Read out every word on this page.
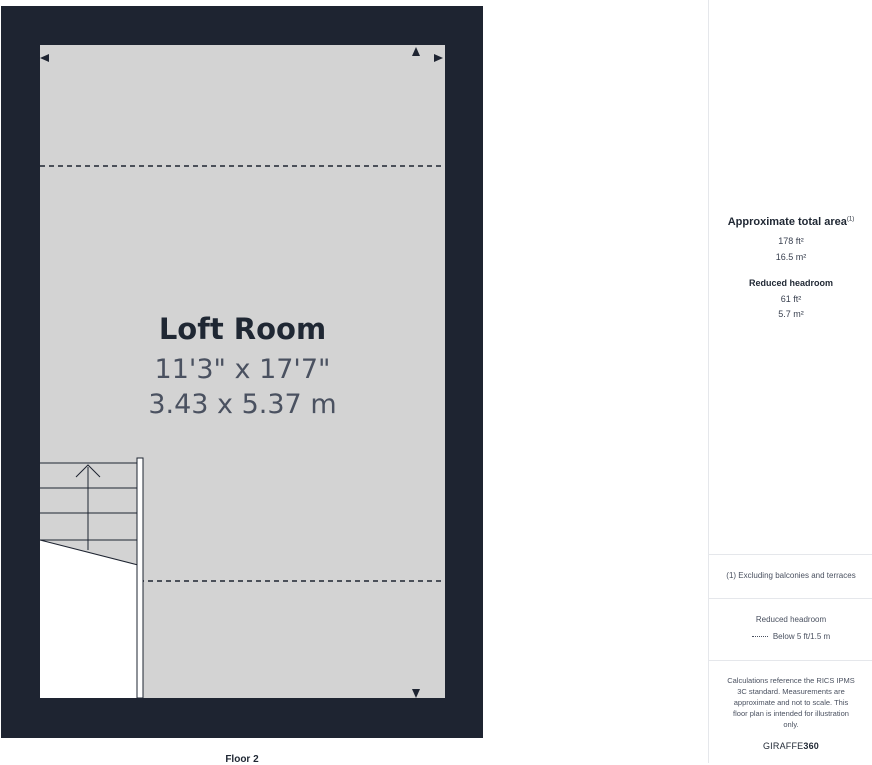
Loft Room
11'3" x 17'7"
3.43 x 5.37 m
Floor 2
Approximate total area$^{(1)}$
178 ft²
16.5 m²
Reduced headroom
61 ft²
5.7 m²
(1) Excluding balconies and terraces
Reduced headroom
Below 5 ft/1.5 m
Calculations reference the RICS IPMS 3C standard. Measurements are approximate and not to scale. This floor plan is intended for illustration only.
GIRAFFE360
